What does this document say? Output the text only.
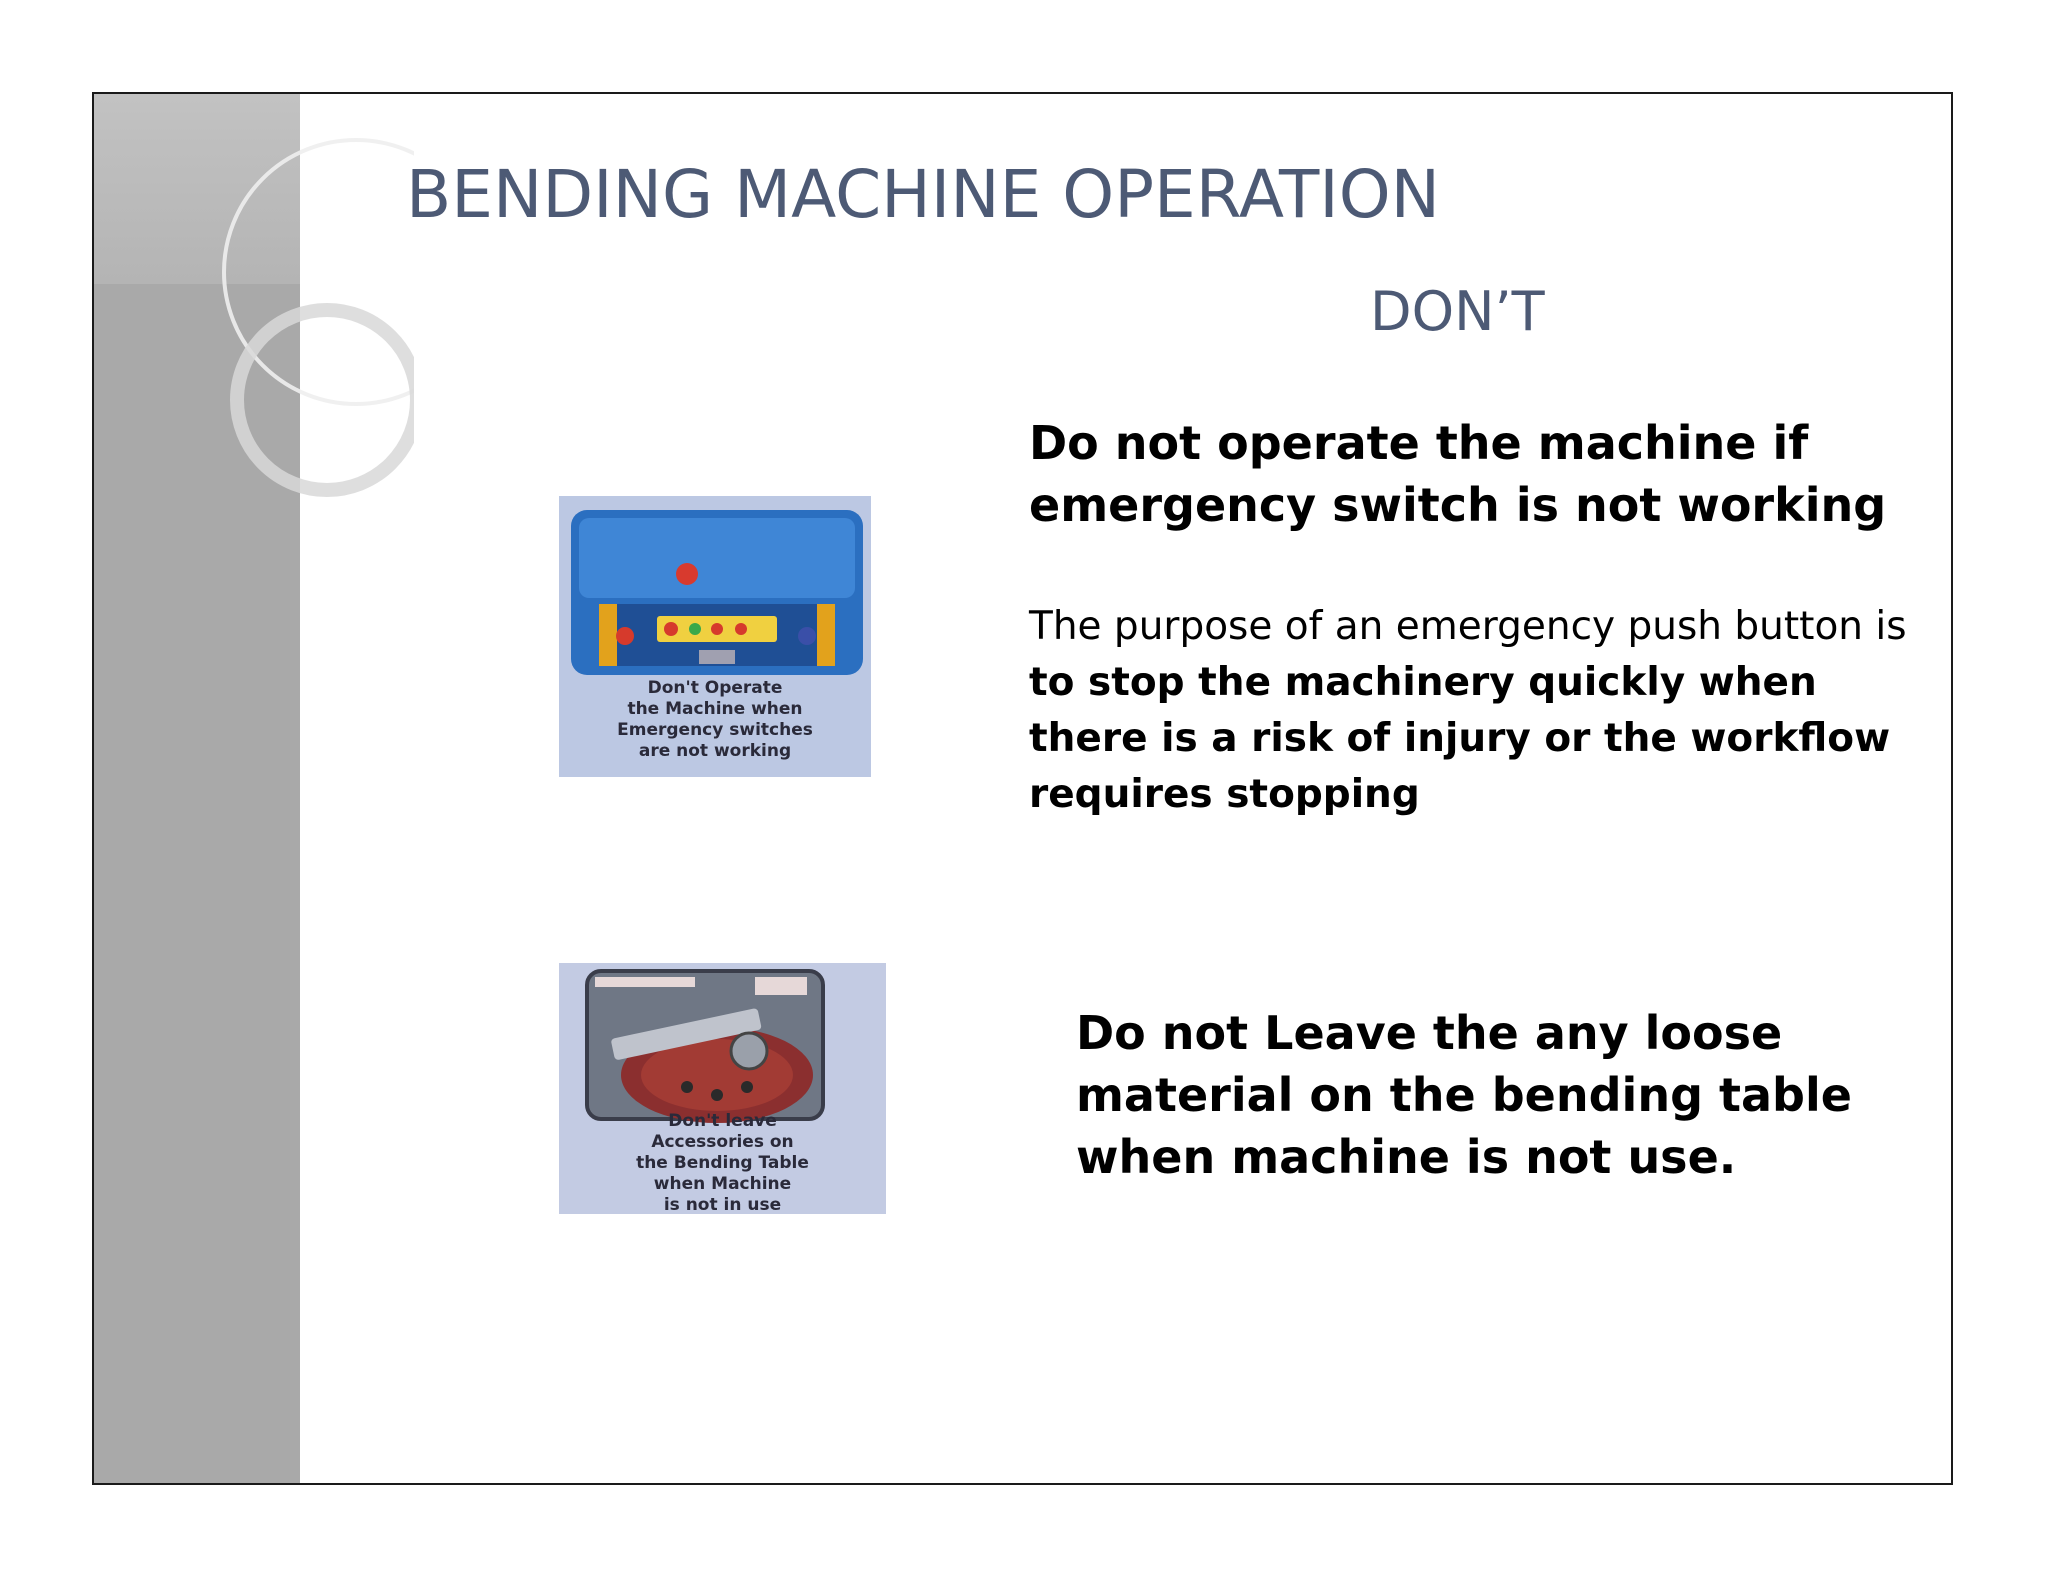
BENDING MACHINE OPERATION
DON’T
Don't Operate
the Machine when
Emergency switches
are not working
Do not operate the machine if
emergency switch is not working
The purpose of an emergency push button is
to stop the machinery quickly when
there is a risk of injury or the workflow
requires stopping
Don't leave
Accessories on
the Bending Table
when Machine
is not in use
Do not Leave the any loose
material on the bending table
when machine is not use.
